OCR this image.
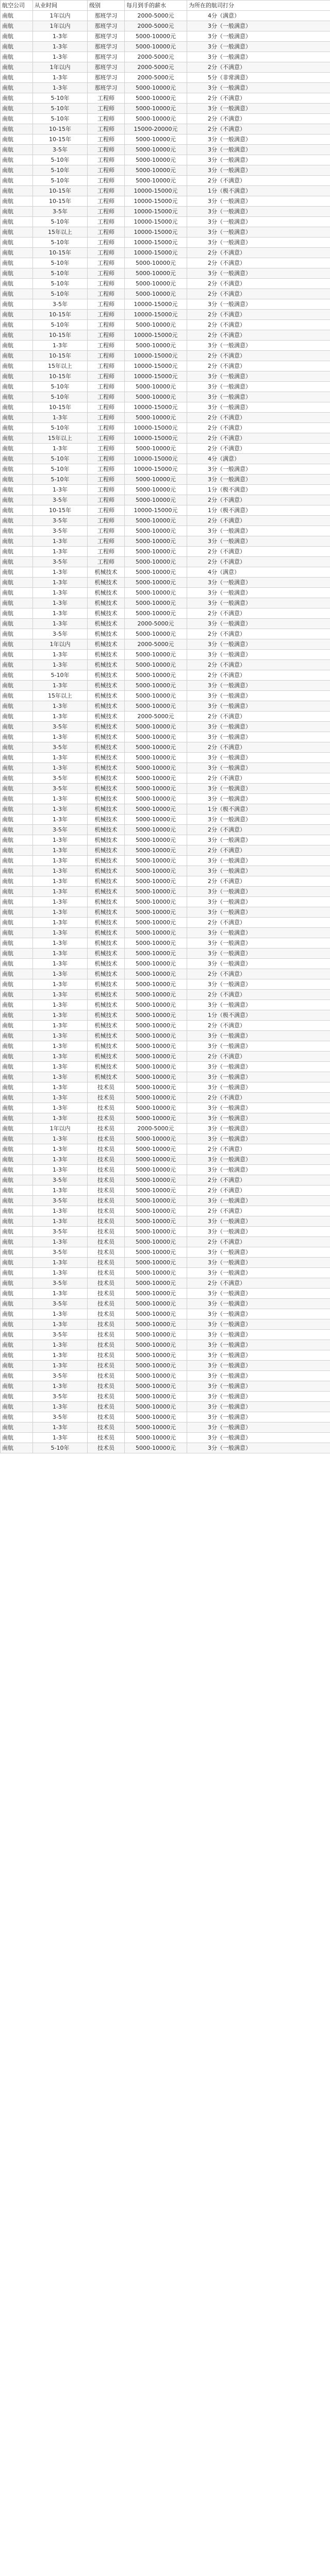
航空公司	从业时间	级别	每月到手的薪水	为所在的航司打分
南航	1年以内	那班学习	2000-5000元	4分（满意）
南航	1年以内	那班学习	2000-5000元	3分（一般满意）
南航	1-3年	那班学习	5000-10000元	3分（一般满意）
南航	1-3年	那班学习	5000-10000元	3分（一般满意）
南航	1-3年	那班学习	2000-5000元	3分（一般满意）
南航	1年以内	那班学习	2000-5000元	2分（不满意）
南航	1-3年	那班学习	2000-5000元	5分（非常满意）
南航	1-3年	那班学习	5000-10000元	3分（一般满意）
南航	5-10年	工程师	5000-10000元	2分（不满意）
南航	5-10年	工程师	5000-10000元	3分（一般满意）
南航	5-10年	工程师	5000-10000元	2分（不满意）
南航	10-15年	工程师	15000-20000元	2分（不满意）
南航	10-15年	工程师	5000-10000元	3分（一般满意）
南航	3-5年	工程师	5000-10000元	3分（一般满意）
南航	5-10年	工程师	5000-10000元	3分（一般满意）
南航	5-10年	工程师	5000-10000元	3分（一般满意）
南航	5-10年	工程师	5000-10000元	2分（不满意）
南航	10-15年	工程师	10000-15000元	1分（极不满意）
南航	10-15年	工程师	10000-15000元	3分（一般满意）
南航	3-5年	工程师	10000-15000元	3分（一般满意）
南航	5-10年	工程师	10000-15000元	3分（一般满意）
南航	15年以上	工程师	10000-15000元	3分（一般满意）
南航	5-10年	工程师	10000-15000元	3分（一般满意）
南航	10-15年	工程师	10000-15000元	2分（不满意）
南航	5-10年	工程师	5000-10000元	2分（不满意）
南航	5-10年	工程师	5000-10000元	3分（一般满意）
南航	5-10年	工程师	5000-10000元	2分（不满意）
南航	5-10年	工程师	5000-10000元	2分（不满意）
南航	3-5年	工程师	10000-15000元	3分（一般满意）
南航	10-15年	工程师	10000-15000元	2分（不满意）
南航	5-10年	工程师	5000-10000元	2分（不满意）
南航	10-15年	工程师	10000-15000元	2分（不满意）
南航	1-3年	工程师	5000-10000元	3分（一般满意）
南航	10-15年	工程师	10000-15000元	2分（不满意）
南航	15年以上	工程师	10000-15000元	2分（不满意）
南航	10-15年	工程师	10000-15000元	3分（一般满意）
南航	5-10年	工程师	5000-10000元	3分（一般满意）
南航	5-10年	工程师	5000-10000元	3分（一般满意）
南航	10-15年	工程师	10000-15000元	3分（一般满意）
南航	1-3年	工程师	5000-10000元	2分（不满意）
南航	5-10年	工程师	10000-15000元	2分（不满意）
南航	15年以上	工程师	10000-15000元	2分（不满意）
南航	1-3年	工程师	5000-10000元	2分（不满意）
南航	5-10年	工程师	10000-15000元	4分（满意）
南航	5-10年	工程师	10000-15000元	3分（一般满意）
南航	5-10年	工程师	5000-10000元	3分（一般满意）
南航	1-3年	工程师	5000-10000元	1分（极不满意）
南航	3-5年	工程师	5000-10000元	2分（不满意）
南航	10-15年	工程师	10000-15000元	1分（极不满意）
南航	3-5年	工程师	5000-10000元	2分（不满意）
南航	3-5年	工程师	5000-10000元	3分（一般满意）
南航	1-3年	工程师	5000-10000元	3分（一般满意）
南航	1-3年	工程师	5000-10000元	2分（不满意）
南航	3-5年	工程师	5000-10000元	2分（不满意）
南航	1-3年	机械技术	5000-10000元	4分（满意）
南航	1-3年	机械技术	5000-10000元	3分（一般满意）
南航	1-3年	机械技术	5000-10000元	3分（一般满意）
南航	1-3年	机械技术	5000-10000元	3分（一般满意）
南航	1-3年	机械技术	5000-10000元	2分（不满意）
南航	1-3年	机械技术	2000-5000元	3分（一般满意）
南航	3-5年	机械技术	5000-10000元	2分（不满意）
南航	1年以内	机械技术	2000-5000元	3分（一般满意）
南航	1-3年	机械技术	5000-10000元	3分（一般满意）
南航	1-3年	机械技术	5000-10000元	2分（不满意）
南航	5-10年	机械技术	5000-10000元	2分（不满意）
南航	1-3年	机械技术	5000-10000元	3分（一般满意）
南航	15年以上	机械技术	5000-10000元	3分（一般满意）
南航	1-3年	机械技术	5000-10000元	3分（一般满意）
南航	1-3年	机械技术	2000-5000元	2分（不满意）
南航	3-5年	机械技术	5000-10000元	3分（一般满意）
南航	1-3年	机械技术	5000-10000元	3分（一般满意）
南航	3-5年	机械技术	5000-10000元	2分（不满意）
南航	1-3年	机械技术	5000-10000元	3分（一般满意）
南航	1-3年	机械技术	5000-10000元	3分（一般满意）
南航	3-5年	机械技术	5000-10000元	2分（不满意）
南航	3-5年	机械技术	5000-10000元	3分（一般满意）
南航	1-3年	机械技术	5000-10000元	3分（一般满意）
南航	1-3年	机械技术	5000-10000元	1分（极不满意）
南航	1-3年	机械技术	5000-10000元	3分（一般满意）
南航	3-5年	机械技术	5000-10000元	2分（不满意）
南航	1-3年	机械技术	5000-10000元	3分（一般满意）
南航	1-3年	机械技术	5000-10000元	2分（不满意）
南航	1-3年	机械技术	5000-10000元	3分（一般满意）
南航	1-3年	机械技术	5000-10000元	3分（一般满意）
南航	1-3年	机械技术	5000-10000元	2分（不满意）
南航	1-3年	机械技术	5000-10000元	3分（一般满意）
南航	1-3年	机械技术	5000-10000元	3分（一般满意）
南航	1-3年	机械技术	5000-10000元	3分（一般满意）
南航	1-3年	机械技术	5000-10000元	2分（不满意）
南航	1-3年	机械技术	5000-10000元	3分（一般满意）
南航	1-3年	机械技术	5000-10000元	3分（一般满意）
南航	1-3年	机械技术	5000-10000元	3分（一般满意）
南航	1-3年	机械技术	5000-10000元	3分（一般满意）
南航	1-3年	机械技术	5000-10000元	2分（不满意）
南航	1-3年	机械技术	5000-10000元	3分（一般满意）
南航	1-3年	机械技术	5000-10000元	2分（不满意）
南航	1-3年	机械技术	5000-10000元	3分（一般满意）
南航	1-3年	机械技术	5000-10000元	1分（极不满意）
南航	1-3年	机械技术	5000-10000元	2分（不满意）
南航	1-3年	机械技术	5000-10000元	3分（一般满意）
南航	1-3年	机械技术	5000-10000元	3分（一般满意）
南航	1-3年	机械技术	5000-10000元	2分（不满意）
南航	1-3年	机械技术	5000-10000元	3分（一般满意）
南航	1-3年	机械技术	5000-10000元	3分（一般满意）
南航	1-3年	技术员	5000-10000元	3分（一般满意）
南航	1-3年	技术员	5000-10000元	2分（不满意）
南航	1-3年	技术员	5000-10000元	3分（一般满意）
南航	1-3年	技术员	5000-10000元	3分（一般满意）
南航	1年以内	技术员	2000-5000元	3分（一般满意）
南航	1-3年	技术员	5000-10000元	3分（一般满意）
南航	1-3年	技术员	5000-10000元	2分（不满意）
南航	1-3年	技术员	5000-10000元	3分（一般满意）
南航	1-3年	技术员	5000-10000元	3分（一般满意）
南航	3-5年	技术员	5000-10000元	2分（不满意）
南航	1-3年	技术员	5000-10000元	2分（不满意）
南航	3-5年	技术员	5000-10000元	3分（一般满意）
南航	1-3年	技术员	5000-10000元	2分（不满意）
南航	1-3年	技术员	5000-10000元	3分（一般满意）
南航	3-5年	技术员	5000-10000元	3分（一般满意）
南航	1-3年	技术员	5000-10000元	2分（不满意）
南航	3-5年	技术员	5000-10000元	3分（一般满意）
南航	1-3年	技术员	5000-10000元	3分（一般满意）
南航	1-3年	技术员	5000-10000元	3分（一般满意）
南航	3-5年	技术员	5000-10000元	2分（不满意）
南航	1-3年	技术员	5000-10000元	3分（一般满意）
南航	3-5年	技术员	5000-10000元	3分（一般满意）
南航	1-3年	技术员	5000-10000元	3分（一般满意）
南航	1-3年	技术员	5000-10000元	3分（一般满意）
南航	3-5年	技术员	5000-10000元	3分（一般满意）
南航	1-3年	技术员	5000-10000元	3分（一般满意）
南航	1-3年	技术员	5000-10000元	3分（一般满意）
南航	1-3年	技术员	5000-10000元	3分（一般满意）
南航	3-5年	技术员	5000-10000元	3分（一般满意）
南航	1-3年	技术员	5000-10000元	3分（一般满意）
南航	3-5年	技术员	5000-10000元	3分（一般满意）
南航	1-3年	技术员	5000-10000元	3分（一般满意）
南航	3-5年	技术员	5000-10000元	3分（一般满意）
南航	1-3年	技术员	5000-10000元	3分（一般满意）
南航	1-3年	技术员	5000-10000元	3分（一般满意）
南航	5-10年	技术员	5000-10000元	3分（一般满意）
